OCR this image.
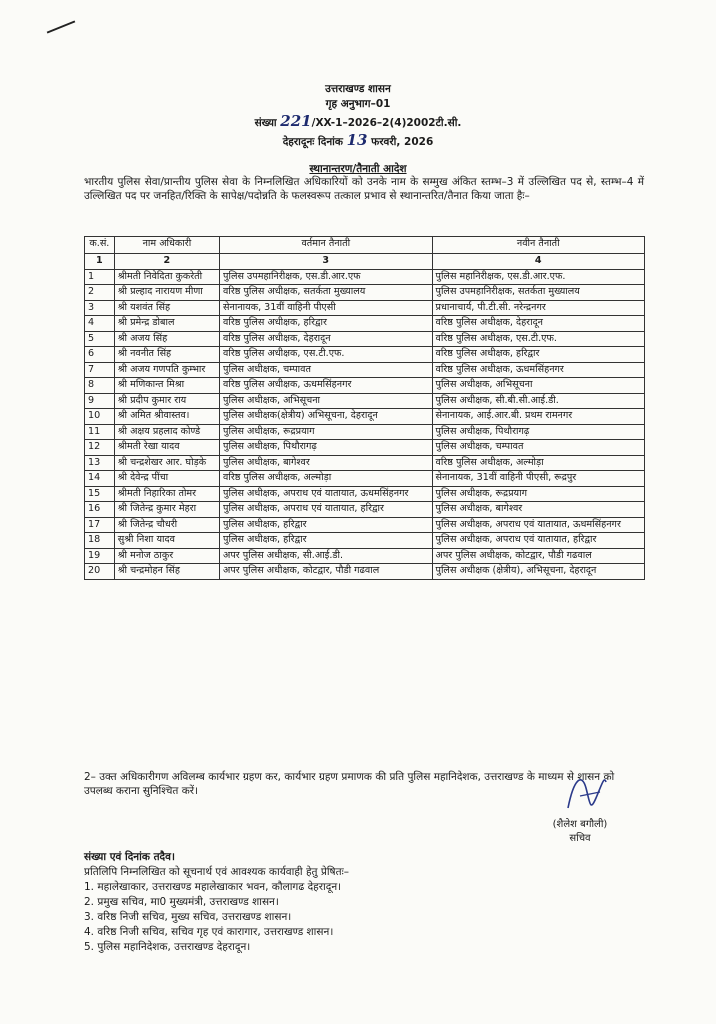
उत्तराखण्ड शासन
गृह अनुभाग–01
संख्या 221/XX-1–2026–2(4)2002टी.सी.
देहरादूनः दिनांक 13 फरवरी, 2026
स्थानान्तरण/तैनाती आदेश
भारतीय पुलिस सेवा/प्रान्तीय पुलिस सेवा के निम्नलिखित अधिकारियों को उनके नाम के सम्मुख अंकित स्तम्भ–3 में उल्लिखित पद से, स्तम्भ–4 में उल्लिखित पद पर जनहित/रिक्ति के सापेक्ष/पदोन्नति के फलस्वरूप तत्काल प्रभाव से स्थानान्तरित/तैनात किया जाता हैः–
क.सं.	नाम अधिकारी	वर्तमान तैनाती	नवीन तैनाती
1	2	3	4
1	श्रीमती निवेदिता कुकरेती	पुलिस उपमहानिरीक्षक, एस.डी.आर.एफ	पुलिस महानिरीक्षक, एस.डी.आर.एफ.
2	श्री प्रल्हाद नारायण मीणा	वरिष्ठ पुलिस अधीक्षक, सतर्कता मुख्यालय	पुलिस उपमहानिरीक्षक, सतर्कता मुख्यालय
3	श्री यशवंत सिंह	सेनानायक, 31वीं वाहिनी पीएसी	प्रधानाचार्य, पी.टी.सी. नरेन्द्रनगर
4	श्री प्रमेन्द्र डोबाल	वरिष्ठ पुलिस अधीक्षक, हरिद्वार	वरिष्ठ पुलिस अधीक्षक, देहरादून
5	श्री अजय सिंह	वरिष्ठ पुलिस अधीक्षक, देहरादून	वरिष्ठ पुलिस अधीक्षक, एस.टी.एफ.
6	श्री नवनीत सिंह	वरिष्ठ पुलिस अधीक्षक, एस.टी.एफ.	वरिष्ठ पुलिस अधीक्षक, हरिद्वार
7	श्री अजय गणपति कुम्भार	पुलिस अधीक्षक, चम्पावत	वरिष्ठ पुलिस अधीक्षक, ऊधमसिंहनगर
8	श्री मणिकान्त मिश्रा	वरिष्ठ पुलिस अधीक्षक, ऊधमसिंहनगर	पुलिस अधीक्षक, अभिसूचना
9	श्री प्रदीप कुमार राय	पुलिस अधीक्षक, अभिसूचना	पुलिस अधीक्षक, सी.बी.सी.आई.डी.
10	श्री अमित श्रीवास्तव।	पुलिस अधीक्षक(क्षेत्रीय) अभिसूचना, देहरादून	सेनानायक, आई.आर.बी. प्रथम रामनगर
11	श्री अक्षय प्रहलाद कोण्डे	पुलिस अधीक्षक, रूद्रप्रयाग	पुलिस अधीक्षक, पिथौरागढ़
12	श्रीमती रेखा यादव	पुलिस अधीक्षक, पिथौरागढ़	पुलिस अधीक्षक, चम्पावत
13	श्री चन्द्रशेखर आर. घोड़के	पुलिस अधीक्षक, बागेश्वर	वरिष्ठ पुलिस अधीक्षक, अल्मोड़ा
14	श्री देवेन्द्र पींचा	वरिष्ठ पुलिस अधीक्षक, अल्मोड़ा	सेनानायक, 31वीं वाहिनी पीएसी, रूद्रपुर
15	श्रीमती निहारिका तोमर	पुलिस अधीक्षक, अपराध एवं यातायात, ऊधमसिंहनगर	पुलिस अधीक्षक, रूद्रप्रयाग
16	श्री जितेन्द्र कुमार मेहरा	पुलिस अधीक्षक, अपराध एवं यातायात, हरिद्वार	पुलिस अधीक्षक, बागेश्वर
17	श्री जितेन्द्र चौधरी	पुलिस अधीक्षक, हरिद्वार	पुलिस अधीक्षक, अपराध एवं यातायात, ऊधमसिंहनगर
18	सुश्री निशा यादव	पुलिस अधीक्षक, हरिद्वार	पुलिस अधीक्षक, अपराध एवं यातायात, हरिद्वार
19	श्री मनोज ठाकुर	अपर पुलिस अधीक्षक, सी.आई.डी.	अपर पुलिस अधीक्षक, कोटद्वार, पौडी गढवाल
20	श्री चन्द्रमोहन सिंह	अपर पुलिस अधीक्षक, कोटद्वार, पौडी गढवाल	पुलिस अधीक्षक (क्षेत्रीय), अभिसूचना, देहरादून
2– उक्त अधिकारीगण अविलम्ब कार्यभार ग्रहण कर, कार्यभार ग्रहण प्रमाणक की प्रति पुलिस महानिदेशक, उत्तराखण्ड के माध्यम से शासन को उपलब्ध कराना सुनिश्चित करें।
(शैलेश बगौली)
सचिव
संख्या एवं दिनांक तदैव।
प्रतिलिपि निम्नलिखित को सूचनार्थ एवं आवश्यक कार्यवाही हेतु प्रेषितः–
1. महालेखाकार, उत्तराखण्ड महालेखाकार भवन, कौलागढ देहरादून।
2. प्रमुख सचिव, मा0 मुख्यमंत्री, उत्तराखण्ड शासन।
3. वरिष्ठ निजी सचिव, मुख्य सचिव, उत्तराखण्ड शासन।
4. वरिष्ठ निजी सचिव, सचिव गृह एवं कारागार, उत्तराखण्ड शासन।
5. पुलिस महानिदेशक, उत्तराखण्ड देहरादून।
